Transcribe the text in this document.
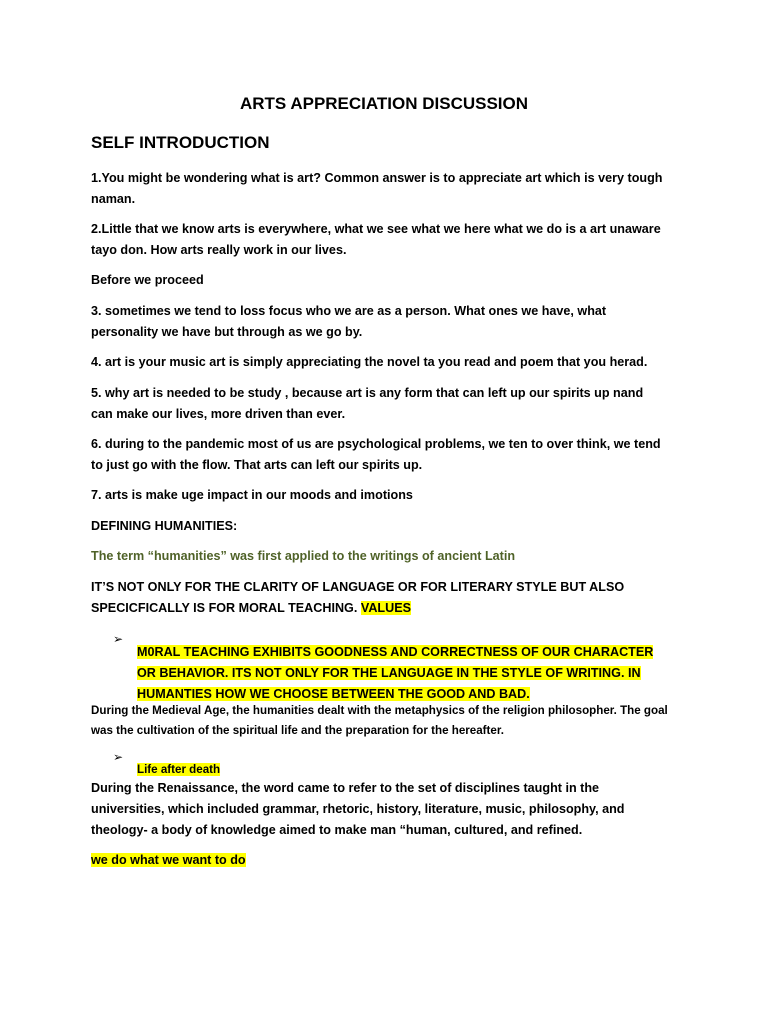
ARTS APPRECIATION DISCUSSION
SELF INTRODUCTION

1.You might be wondering what is art? Common answer is to appreciate art which is very tough naman.

2.Little that we know arts is everywhere, what we see what we here what we do is a art unaware tayo don. How arts really work in our lives.

Before we proceed

3. sometimes we tend to loss focus who we are as a person. What ones we have, what personality we have but through as we go by.

4. art is your music art is simply appreciating the novel ta you read and poem that you herad.

5. why art is needed to be study , because art is any form that can left up our spirits up nand can make our lives, more driven than ever.

6. during to the pandemic most of us are psychological problems, we ten to over think, we tend to just go with the flow. That arts can left our spirits up.

7. arts is make uge impact in our moods and imotions

DEFINING HUMANITIES:

The term “humanities” was first applied to the writings of ancient Latin

IT’S NOT ONLY FOR THE CLARITY OF LANGUAGE OR FOR LITERARY STYLE BUT ALSO SPECICFICALLY IS FOR MORAL TEACHING. VALUES

➢

M0RAL TEACHING EXHIBITS GOODNESS AND CORRECTNESS OF OUR CHARACTER OR BEHAVIOR. ITS NOT ONLY FOR THE LANGUAGE IN THE STYLE OF WRITING. IN HUMANTIES HOW WE CHOOSE BETWEEN THE GOOD AND BAD.

During the Medieval Age, the humanities dealt with the metaphysics of the religion philosopher. The goal was the cultivation of the spiritual life and the preparation for the hereafter.

➢

Life after death

During the Renaissance, the word came to refer to the set of disciplines taught in the universities, which included grammar, rhetoric, history, literature, music, philosophy, and theology- a body of knowledge aimed to make man “human, cultured, and refined.

we do what we want to do
